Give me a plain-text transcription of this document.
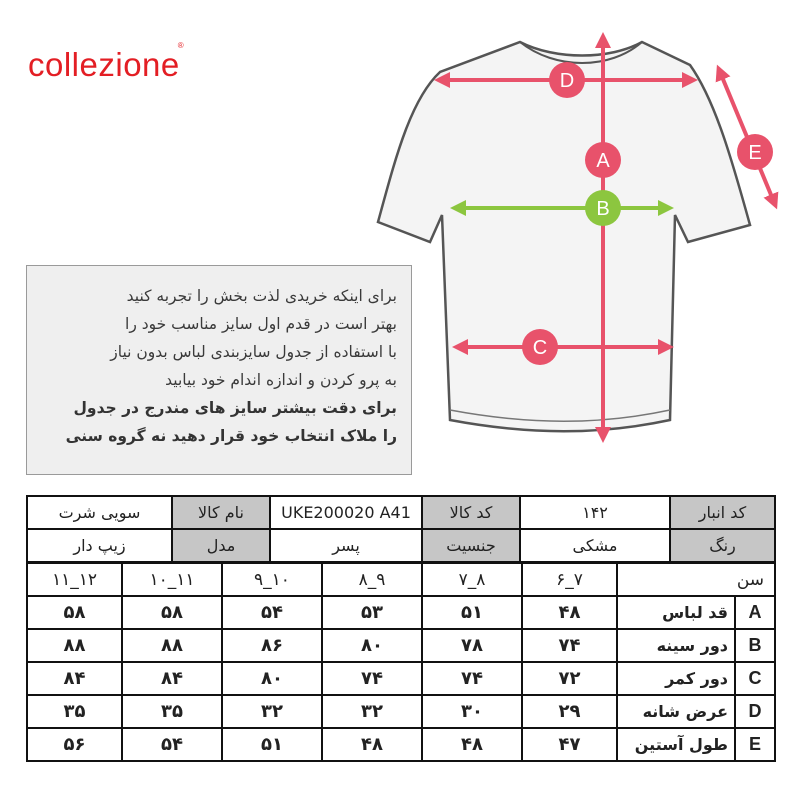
collezione®
D
A
B
C
E
برای اینکه خریدی لذت بخش را تجربه کنید
بهتر است در قدم اول سایز مناسب خود را
با استفاده از جدول سایزبندی لباس بدون نیاز
به پرو کردن و اندازه اندام خود بیابید
برای دقت بیشتر سایز های مندرج در جدول
را ملاک انتخاب خود قرار دهید نه گروه سنی
سویی شرت	نام کالا	UKE200020 A41	کد کالا	۱۴۲	کد انبار
زیپ دار	مدل	پسر	جنسیت	مشکی	رنگ
۱۱_۱۲	۱۰_۱۱	۹_۱۰	۸_۹	۷_۸	۶_۷	سن	
۵۸	۵۸	۵۴	۵۳	۵۱	۴۸	قد لباس	A
۸۸	۸۸	۸۶	۸۰	۷۸	۷۴	دور سینه	B
۸۴	۸۴	۸۰	۷۴	۷۴	۷۲	دور کمر	C
۳۵	۳۵	۳۲	۳۲	۳۰	۲۹	عرض شانه	D
۵۶	۵۴	۵۱	۴۸	۴۸	۴۷	طول آستین	E
